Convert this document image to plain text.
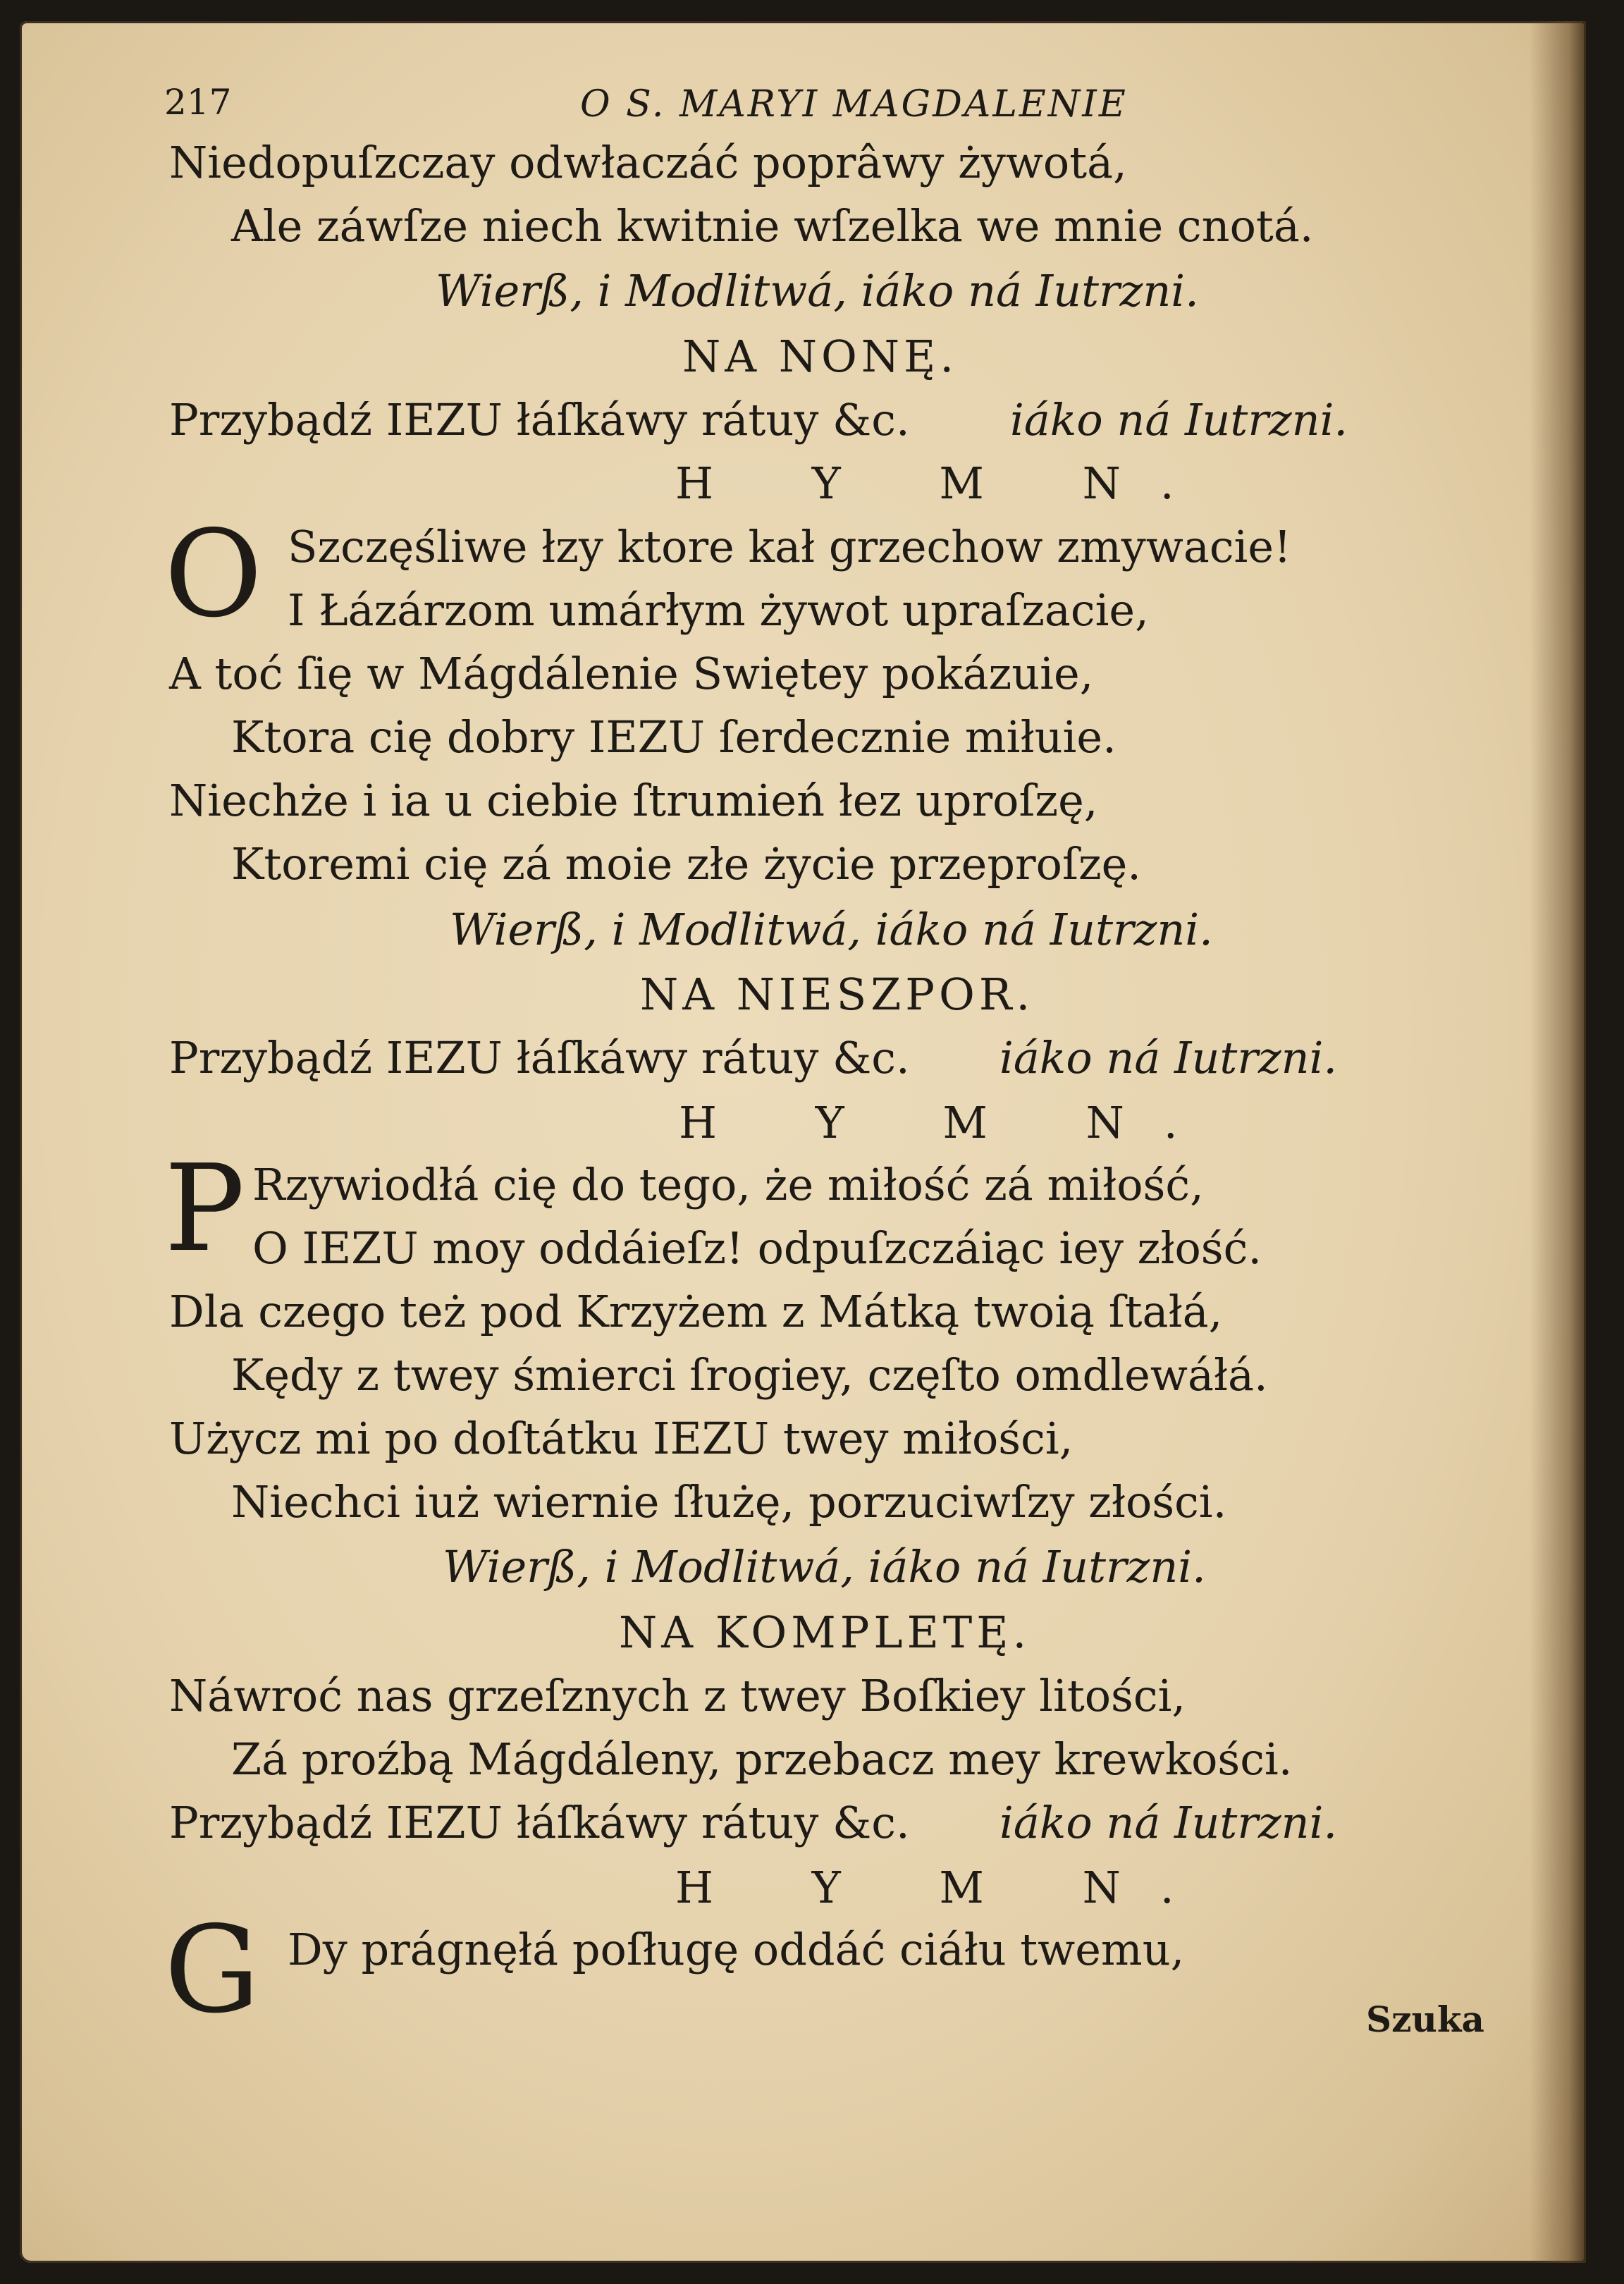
217	O S. MARYI MAGDALENIE
Niedopuſzczay odwłaczáć poprâwy żywotá,
Ale záwſze niech kwitnie wſzelka we mnie cnotá.
Wierß, i Modlitwá, iáko ná Iutrzni.
NA NONĘ.
Przybądź IEZU łáſkáwy rátuy &c. iáko ná Iutrzni.
H Y M N.
O Szczęśliwe łzy ktore kał grzechow zmywacie!
I Łázárzom umárłym żywot upraſzacie,
A toć ſię w Mágdálenie Swiętey pokázuie,
Ktora cię dobry IEZU ſerdecznie miłuie.
Niechże i ia u ciebie ſtrumień łez uproſzę,
Ktoremi cię zá moie złe życie przeproſzę.
Wierß, i Modlitwá, iáko ná Iutrzni.
NA NIESZPOR.
Przybądź IEZU łáſkáwy rátuy &c. iáko ná Iutrzni.
H Y M N.
P Rzywiodłá cię do tego, że miłość zá miłość,
O IEZU moy oddáieſz! odpuſzczáiąc iey złość.
Dla czego też pod Krzyżem z Mátką twoią ſtałá,
Kędy z twey śmierci ſrogiey, częſto omdlewáłá.
Użycz mi po doſtátku IEZU twey miłości,
Niechci iuż wiernie ſłużę, porzuciwſzy złości.
Wierß, i Modlitwá, iáko ná Iutrzni.
NA KOMPLETĘ.
Náwroć nas grzeſznych z twey Boſkiey litości,
Zá proźbą Mágdáleny, przebacz mey krewkości.
Przybądź IEZU łáſkáwy rátuy &c. iáko ná Iutrzni.
H Y M N.
G Dy prágnęłá poſługę oddáć ciáłu twemu,
Szuka
